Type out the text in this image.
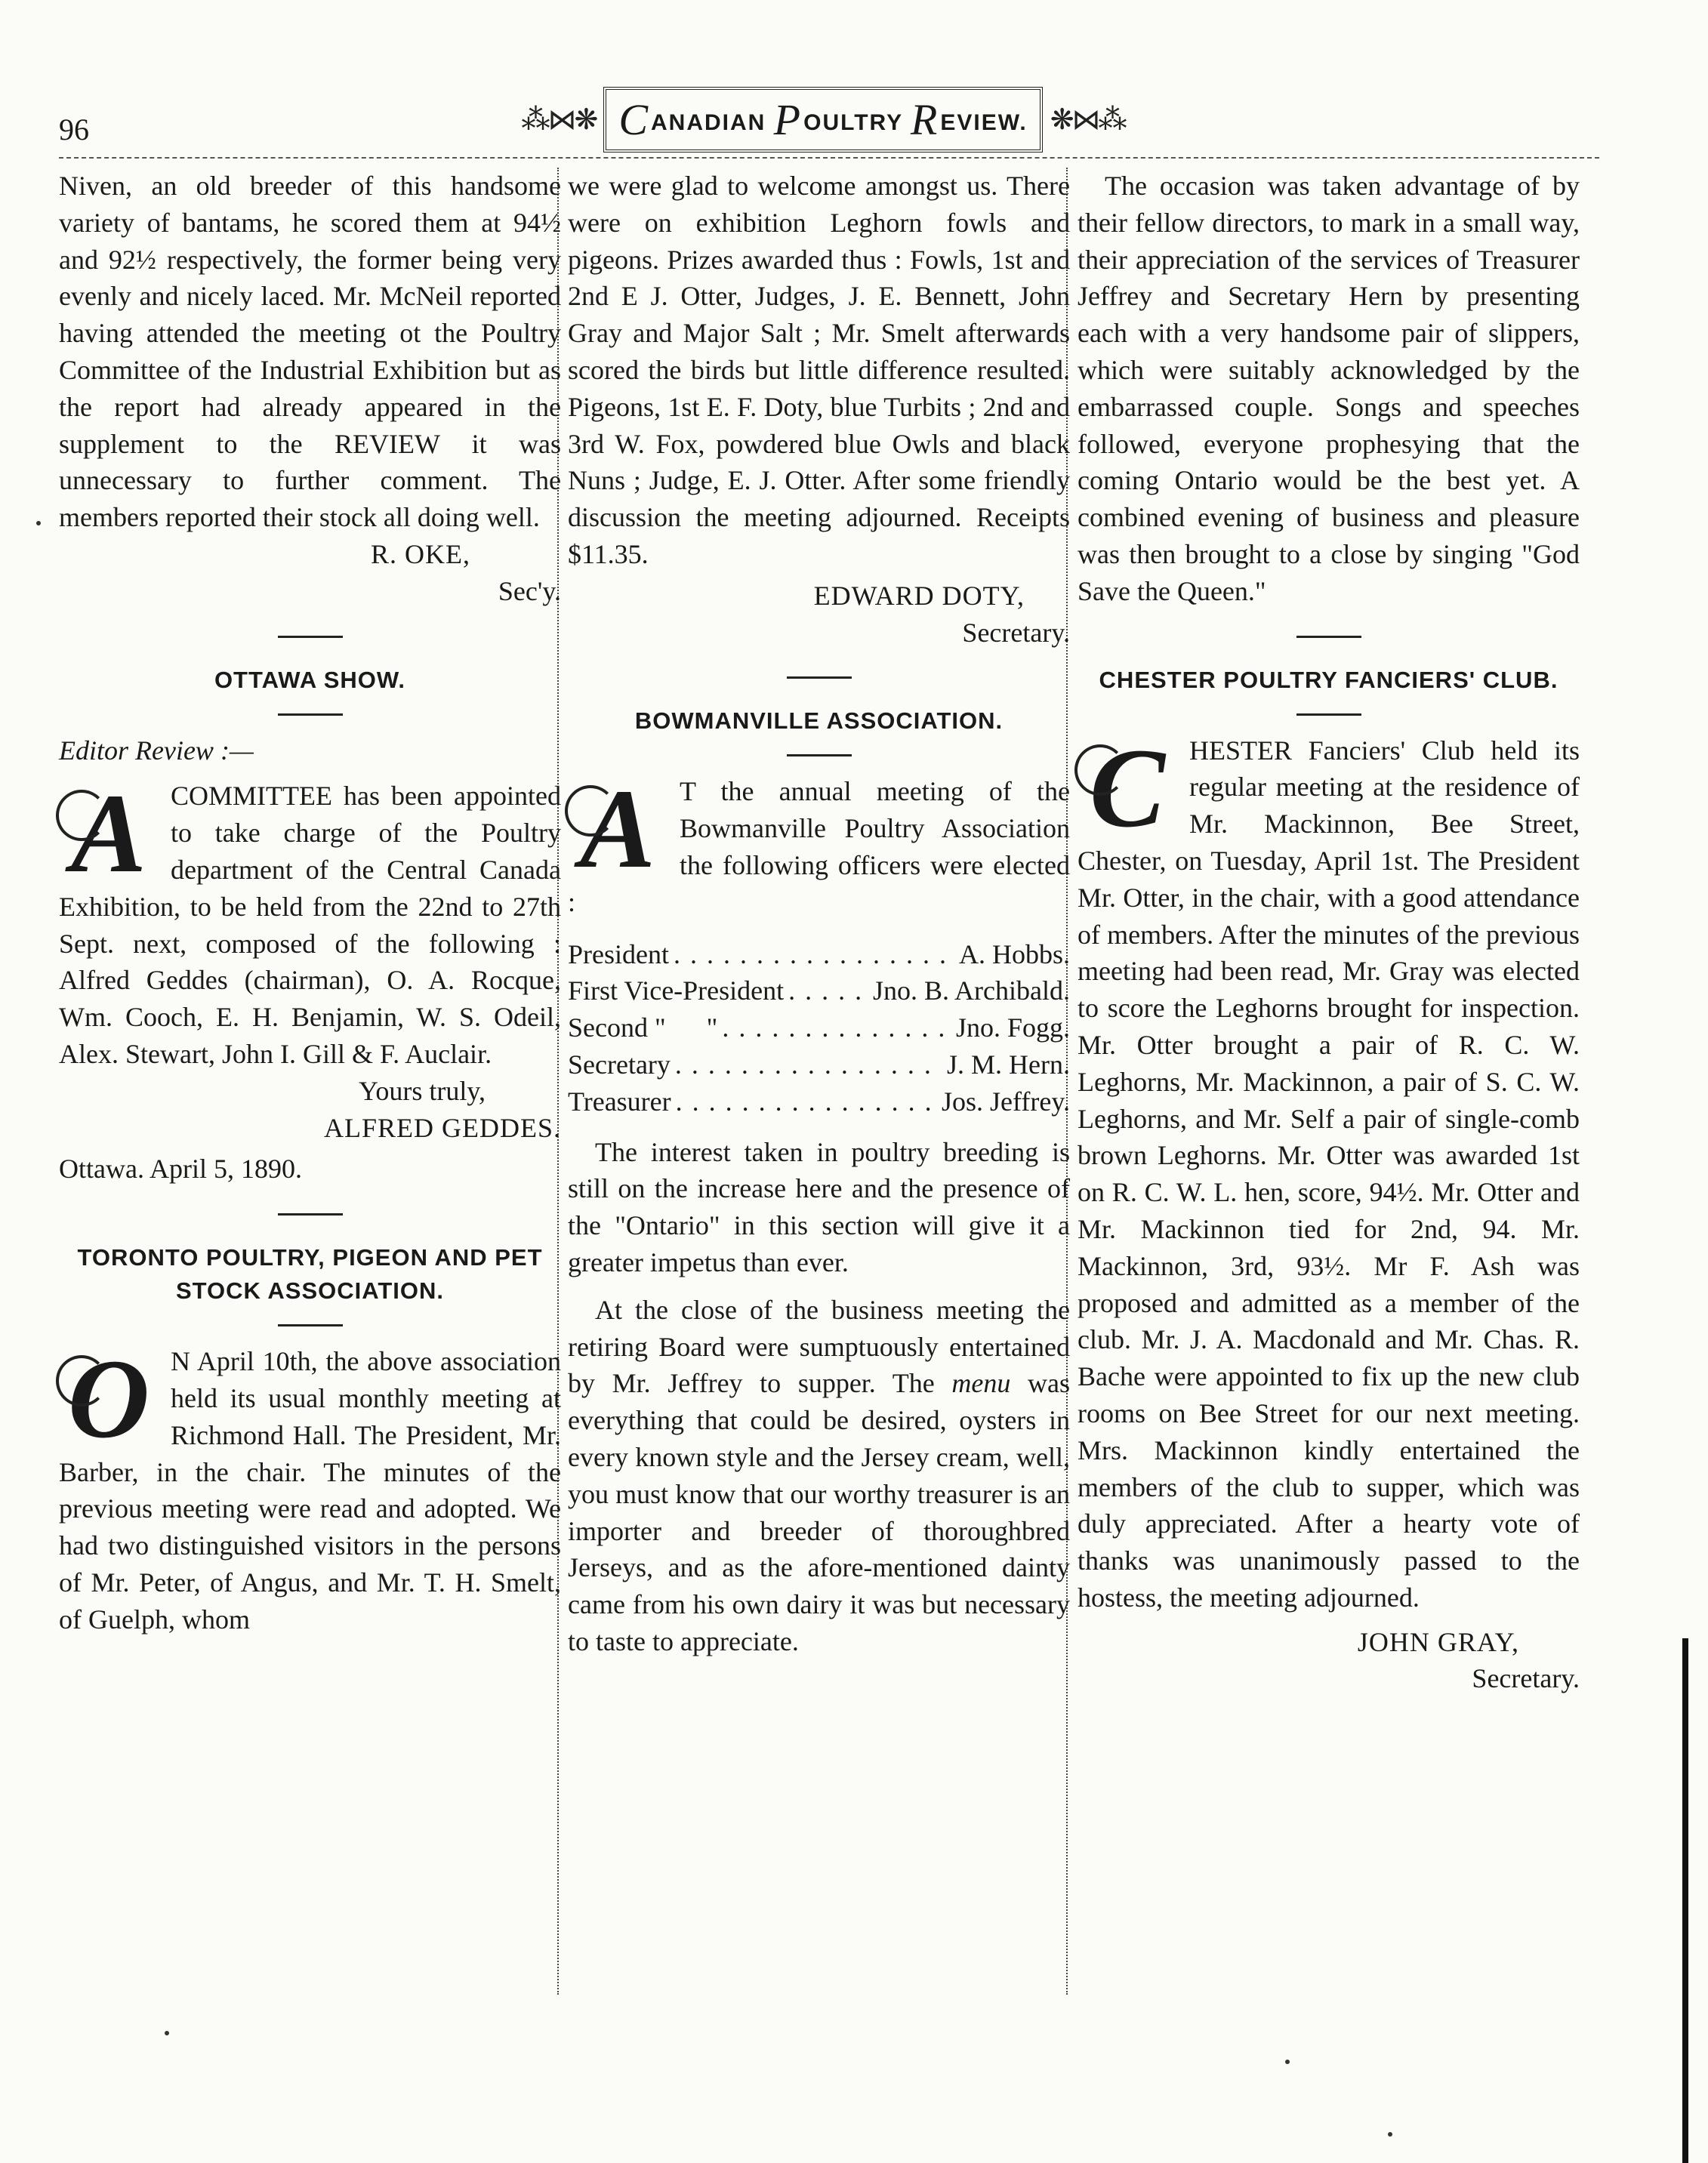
96	⁂⋈❋ CANADIAN POULTRY REVIEW. ❋⋈⁂

Niven, an old breeder of this handsome variety of bantams, he scored them at 94½ and 92½ respectively, the former being very evenly and nicely laced. Mr. McNeil reported having attended the meeting ot the Poultry Committee of the Industrial Exhibition but as the report had already appeared in the supplement to the REVIEW it was unnecessary to further comment. The members reported their stock all doing well.

R. OKE,

Sec'y.

OTTAWA SHOW.

Editor Review :—

A COMMITTEE has been appointed to take charge of the Poultry department of the Central Canada Exhibition, to be held from the 22nd to 27th Sept. next, composed of the following : Alfred Geddes (chairman), O. A. Rocque, Wm. Cooch, E. H. Benjamin, W. S. Odeil, Alex. Stewart, John I. Gill & F. Auclair.

Yours truly,

ALFRED GEDDES.

Ottawa. April 5, 1890.

TORONTO POULTRY, PIGEON AND PET STOCK ASSOCIATION.
O N April 10th, the above association held its usual monthly meeting at Richmond Hall. The President, Mr. Barber, in the chair. The minutes of the previous meeting were read and adopted. We had two distinguished visitors in the persons of Mr. Peter, of Angus, and Mr. T. H. Smelt, of Guelph, whom

we were glad to welcome amongst us. There were on exhibition Leghorn fowls and pigeons. Prizes awarded thus : Fowls, 1st and 2nd E J. Otter, Judges, J. E. Bennett, John Gray and Major Salt ; Mr. Smelt afterwards scored the birds but little difference resulted. Pigeons, 1st E. F. Doty, blue Turbits ; 2nd and 3rd W. Fox, powdered blue Owls and black Nuns ; Judge, E. J. Otter. After some friendly discussion the meeting adjourned. Receipts $11.35.

EDWARD DOTY,

Secretary.

BOWMANVILLE ASSOCIATION.
A T the annual meeting of the Bowmanville Poultry Association the following officers were elected :

President . . .	A. Hobbs.
First Vice-President . . .	Jno. B. Archibald.
Second "      " . . .	Jno. Fogg.
Secretary . . .	J. M. Hern.
Treasurer . . .	Jos. Jeffrey.

The interest taken in poultry breeding is still on the increase here and the presence of the "Ontario" in this section will give it a greater impetus than ever.

At the close of the business meeting the retiring Board were sumptuously entertained by Mr. Jeffrey to supper. The menu was everything that could be desired, oysters in every known style and the Jersey cream, well, you must know that our worthy treasurer is an importer and breeder of thoroughbred Jerseys, and as the afore-mentioned dainty came from his own dairy it was but necessary to taste to appreciate.

The occasion was taken advantage of by their fellow directors, to mark in a small way, their appreciation of the services of Treasurer Jeffrey and Secretary Hern by presenting each with a very handsome pair of slippers, which were suitably acknowledged by the embarrassed couple. Songs and speeches followed, everyone prophesying that the coming Ontario would be the best yet. A combined evening of business and pleasure was then brought to a close by singing "God Save the Queen."

CHESTER POULTRY FANCIERS' CLUB.
C HESTER Fanciers' Club held its regular meeting at the residence of Mr. Mackinnon, Bee Street, Chester, on Tuesday, April 1st. The President Mr. Otter, in the chair, with a good attendance of members. After the minutes of the previous meeting had been read, Mr. Gray was elected to score the Leghorns brought for inspection. Mr. Otter brought a pair of R. C. W. Leghorns, Mr. Mackinnon, a pair of S. C. W. Leghorns, and Mr. Self a pair of single-comb brown Leghorns. Mr. Otter was awarded 1st on R. C. W. L. hen, score, 94½. Mr. Otter and Mr. Mackinnon tied for 2nd, 94. Mr. Mackinnon, 3rd, 93½. Mr F. Ash was proposed and admitted as a member of the club. Mr. J. A. Macdonald and Mr. Chas. R. Bache were appointed to fix up the new club rooms on Bee Street for our next meeting. Mrs. Mackinnon kindly entertained the members of the club to supper, which was duly appreciated. After a hearty vote of thanks was unanimously passed to the hostess, the meeting adjourned.

JOHN GRAY,

Secretary.
